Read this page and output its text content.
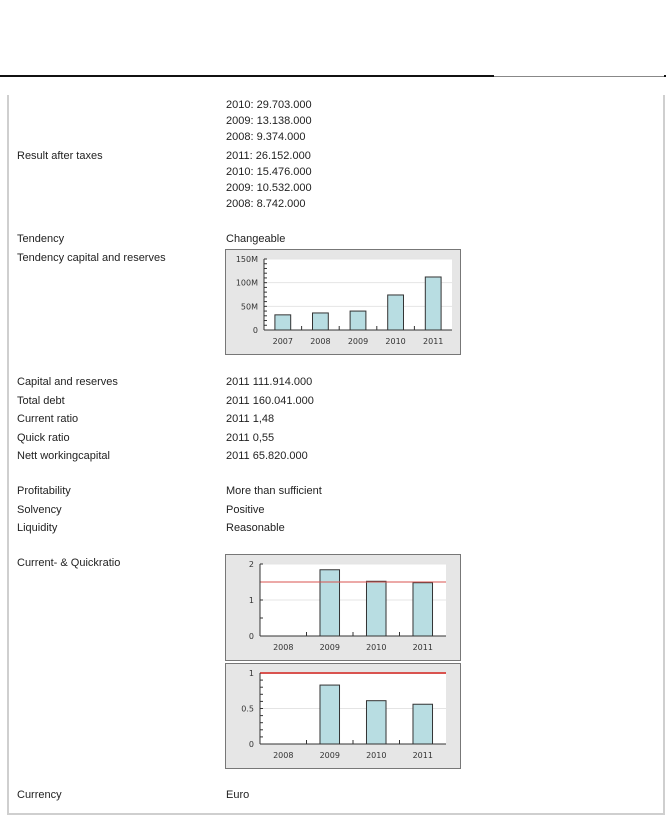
2010: 29.703.000
2009: 13.138.000
2008: 9.374.000
Result after taxes	2011: 26.152.000
2010: 15.476.000
2009: 10.532.000
2008: 8.742.000
Tendency	Changeable
Tendency capital and reserves
0
50M
100M
150M
2007 2008 2009 2010 2011
Capital and reserves	2011 111.914.000
Total debt	2011 160.041.000
Current ratio	2011 1,48
Quick ratio	2011 0,55
Nett workingcapital	2011 65.820.000
Profitability	More than sufficient
Solvency	Positive
Liquidity	Reasonable
Current- & Quickratio
0
1
2
2008	2009	2010	2011
0
0.5
1
2008	2009	2010	2011
Currency	Euro
